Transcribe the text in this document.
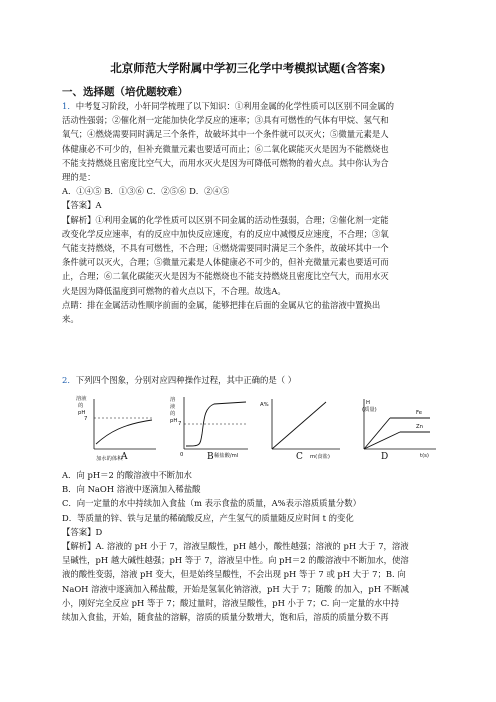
北京师范大学附属中学初三化学中考模拟试题(含答案)
一、选择题（培优题较难）
1．中考复习阶段，小轩同学梳理了以下知识：①利用金属的化学性质可以区别不同金属的
活动性强弱；②催化剂一定能加快化学反应的速率；③具有可燃性的气体有甲烷、氢气和
氧气；④燃烧需要同时满足三个条件，故破坏其中一个条件就可以灭火；⑤微量元素是人
体健康必不可少的，但补充微量元素也要适可而止；⑥二氧化碳能灭火是因为不能燃烧也
不能支持燃烧且密度比空气大，而用水灭火是因为可降低可燃物的着火点。其中你认为合
理的是：
A．①④⑤ B．①③⑥ C．②⑤⑥ D．②④⑤
【答案】A
【解析】①利用金属的化学性质可以区别不同金属的活动性强弱，合理；②催化剂一定能
改变化学反应速率，有的反应中加快反应速度，有的反应中减慢反应速度，不合理；③氧
气能支持燃烧，不具有可燃性，不合理；④燃烧需要同时满足三个条件，故破坏其中一个
条件就可以灭火，合理；⑤微量元素是人体健康必不可少的，但补充微量元素也要适可而
止，合理；⑥二氧化碳能灭火是因为不能燃烧也不能支持燃烧且密度比空气大，而用水灭
火是因为降低温度到可燃物的着火点以下，不合理。故选A。
点睛：排在金属活动性顺序前面的金属，能够把排在后面的金属从它的盐溶液中置换出
来。
2．下列四个图象，分别对应四种操作过程，其中正确的是（ ）
溶液
的
pH
7
加水的体积
溶
液
的
pH 7
0	稀盐酸/ml
A%
m(食盐)
H
(质量)	Fe
Zn
t(s)
A	B	C	D
A．向 pH＝2 的酸溶液中不断加水
B．向 NaOH 溶液中逐滴加入稀盐酸
C．向一定量的水中持续加入食盐（m 表示食盐的质量，A%表示溶质质量分数）
D．等质量的锌、铁与足量的稀硫酸反应，产生氢气的质量随反应时间 t 的变化
【答案】D
【解析】A. 溶液的 pH 小于 7，溶液呈酸性，pH 越小，酸性越强；溶液的 pH 大于 7，溶液
呈碱性，pH 越大碱性越强；pH 等于 7，溶液呈中性。向 pH＝2 的酸溶液中不断加水，使溶
液的酸性变弱，溶液 pH 变大，但是始终呈酸性，不会出现 pH 等于 7 或 pH 大于 7；B. 向
NaOH 溶液中逐滴加入稀盐酸，开始是氢氧化钠溶液，pH 大于 7；随酸 的加入，pH 不断减
小，刚好完全反应 pH 等于 7；酸过量时，溶液呈酸性，pH 小于 7；C. 向一定量的水中持
续加入食盐，开始，随食盐的溶解，溶质的质量分数增大，饱和后，溶质的质量分数不再
